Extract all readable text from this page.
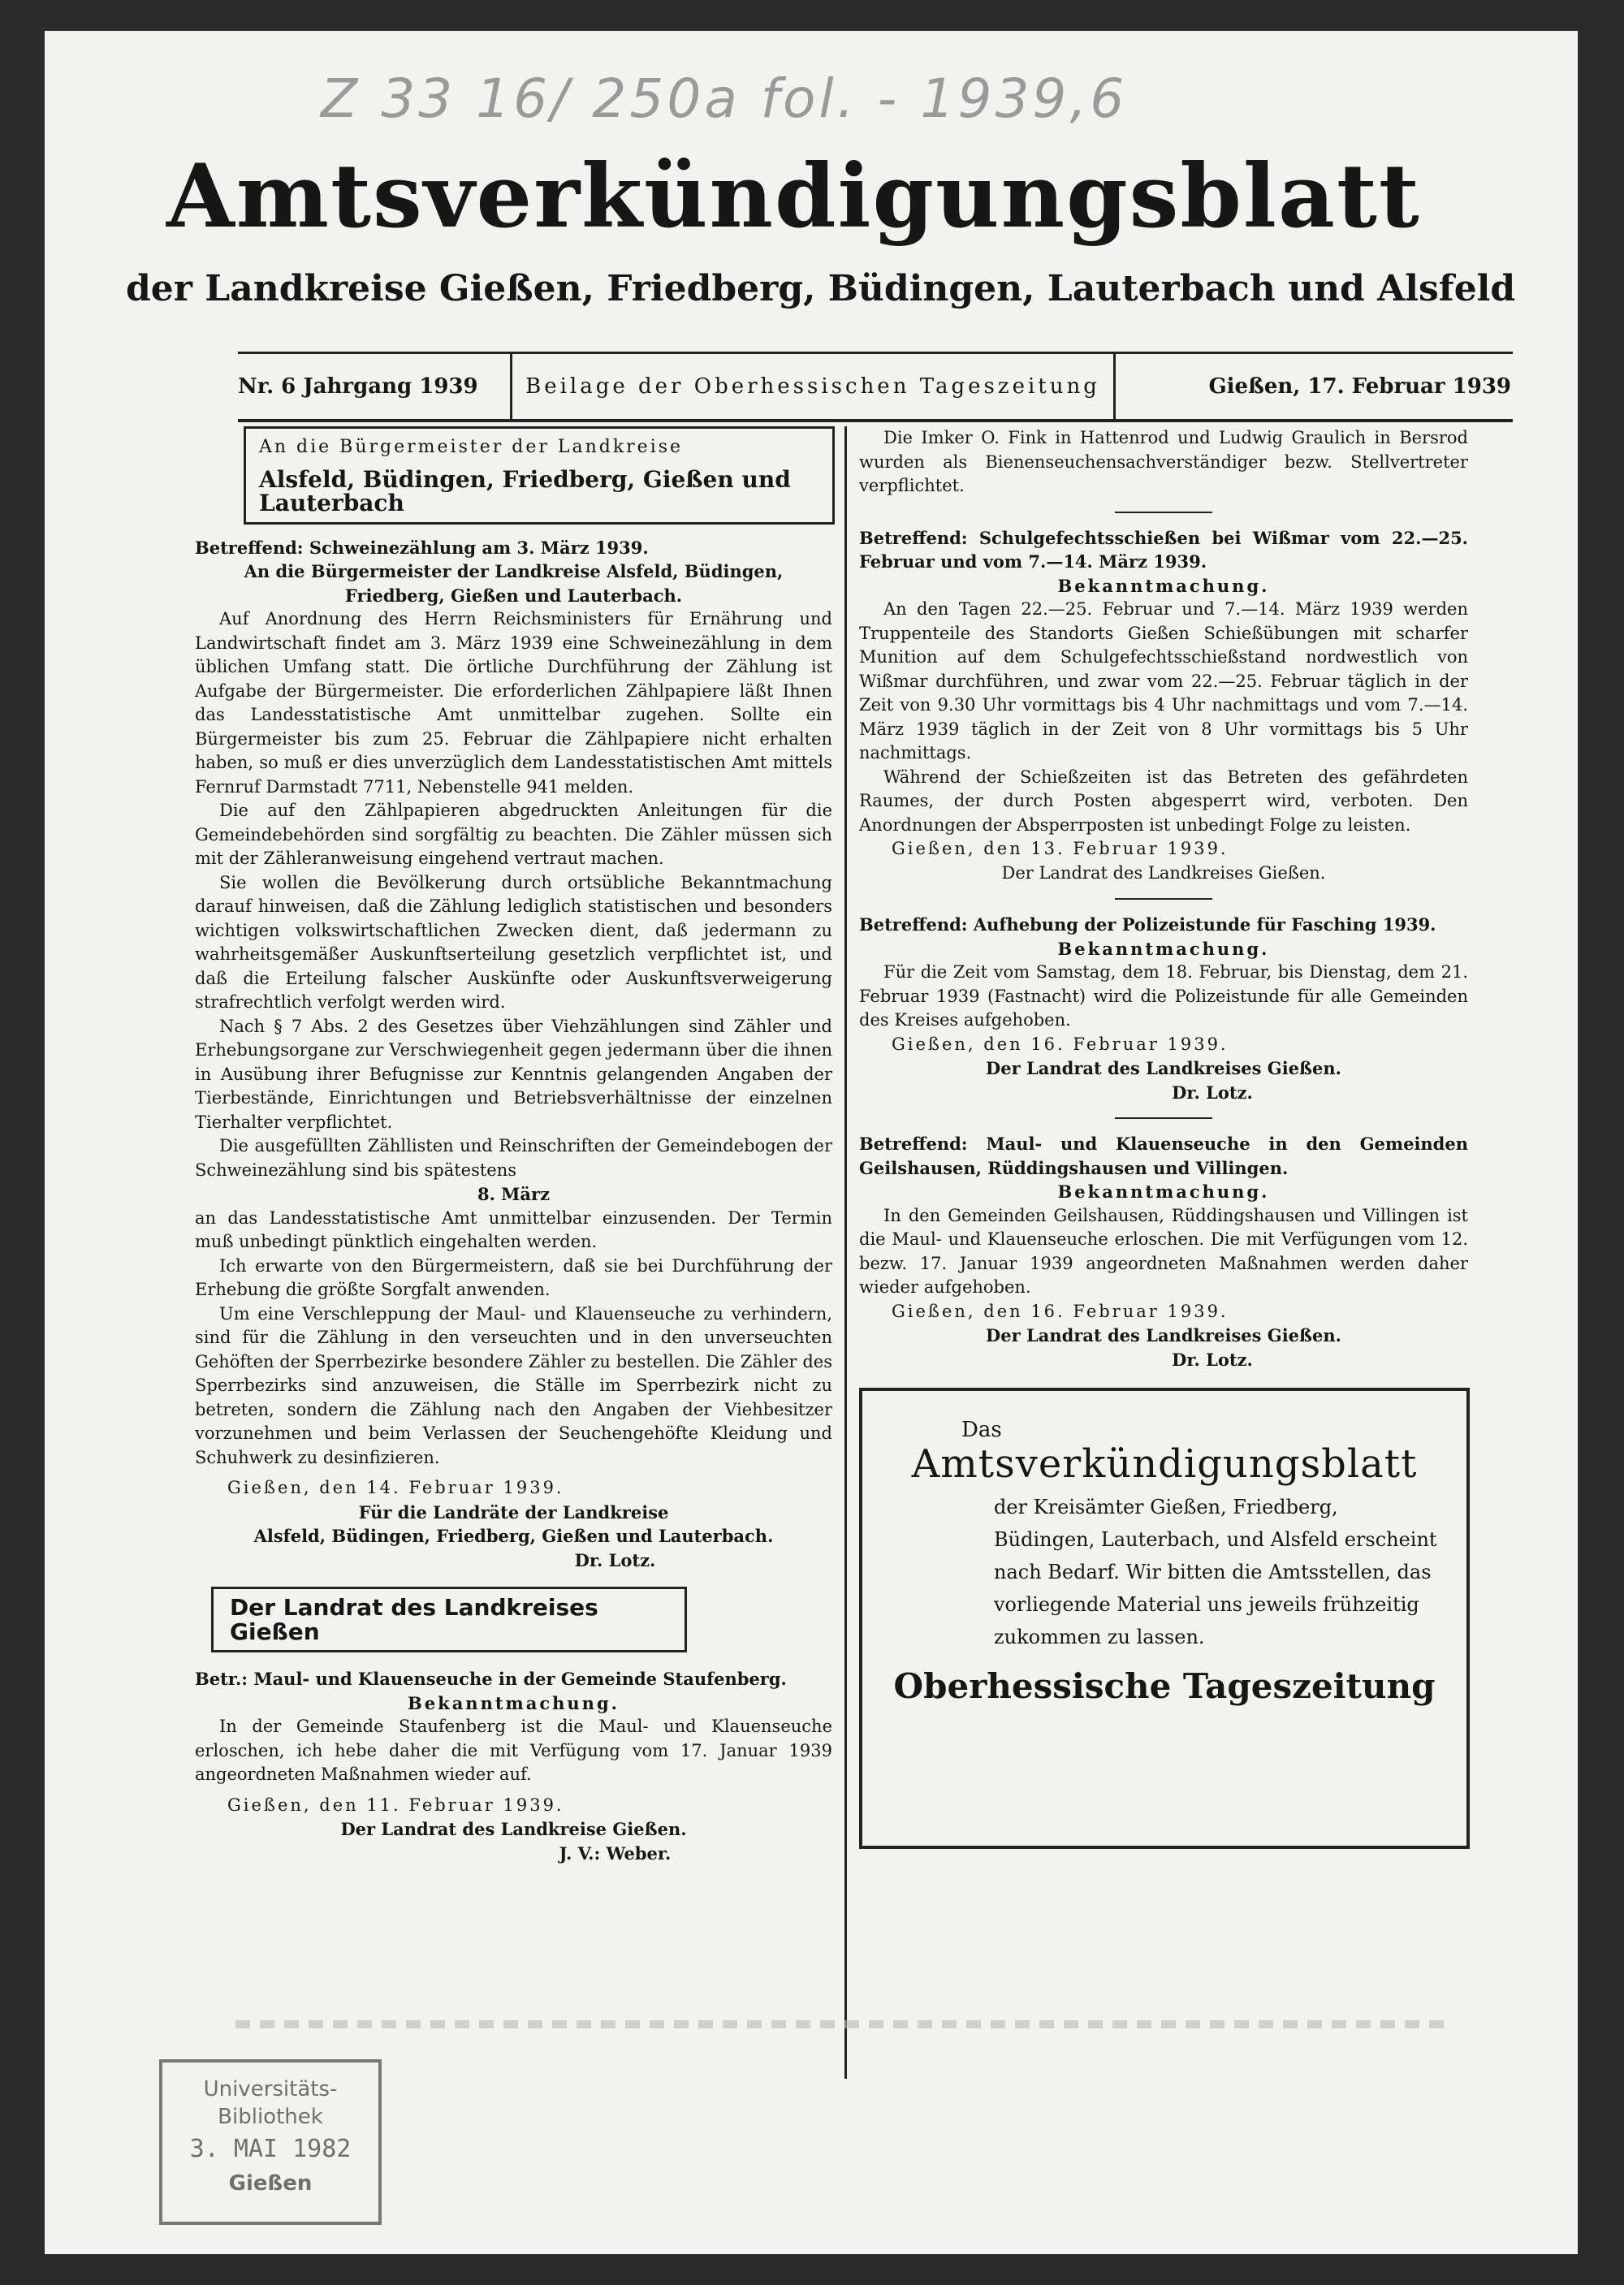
Z 33 16/ 250a fol. - 1939,6
Amtsverkündigungsblatt
der Landkreise Gießen, Friedberg, Büdingen, Lauterbach und Alsfeld
Nr. 6 Jahrgang 1939	Beilage der Oberhessischen Tageszeitung	Gießen, 17. Februar 1939
An die Bürgermeister der Landkreise
Alsfeld, Büdingen, Friedberg, Gießen und Lauterbach

Betreffend: Schweinezählung am 3. März 1939.

An die Bürgermeister der Landkreise Alsfeld, Büdingen, Friedberg, Gießen und Lauterbach.

Auf Anordnung des Herrn Reichsministers für Ernährung und Landwirtschaft findet am 3. März 1939 eine Schweinezählung in dem üblichen Umfang statt. Die örtliche Durchführung der Zählung ist Aufgabe der Bürgermeister. Die erforderlichen Zählpapiere läßt Ihnen das Landesstatistische Amt unmittelbar zugehen. Sollte ein Bürgermeister bis zum 25. Februar die Zählpapiere nicht erhalten haben, so muß er dies unverzüglich dem Landesstatistischen Amt mittels Fernruf Darmstadt 7711, Nebenstelle 941 melden.

Die auf den Zählpapieren abgedruckten Anleitungen für die Gemeindebehörden sind sorgfältig zu beachten. Die Zähler müssen sich mit der Zähleranweisung eingehend vertraut machen.

Sie wollen die Bevölkerung durch ortsübliche Bekanntmachung darauf hinweisen, daß die Zählung lediglich statistischen und besonders wichtigen volkswirtschaftlichen Zwecken dient, daß jedermann zu wahrheitsgemäßer Auskunftserteilung gesetzlich verpflichtet ist, und daß die Erteilung falscher Auskünfte oder Auskunftsverweigerung strafrechtlich verfolgt werden wird.

Nach § 7 Abs. 2 des Gesetzes über Viehzählungen sind Zähler und Erhebungsorgane zur Verschwiegenheit gegen jedermann über die ihnen in Ausübung ihrer Befugnisse zur Kenntnis gelangenden Angaben der Tierbestände, Einrichtungen und Betriebsverhältnisse der einzelnen Tierhalter verpflichtet.

Die ausgefüllten Zähllisten und Reinschriften der Gemeindebogen der Schweinezählung sind bis spätestens

8. März

an das Landesstatistische Amt unmittelbar einzusenden. Der Termin muß unbedingt pünktlich eingehalten werden.

Ich erwarte von den Bürgermeistern, daß sie bei Durchführung der Erhebung die größte Sorgfalt anwenden.

Um eine Verschleppung der Maul- und Klauenseuche zu verhindern, sind für die Zählung in den verseuchten und in den unverseuchten Gehöften der Sperrbezirke besondere Zähler zu bestellen. Die Zähler des Sperrbezirks sind anzuweisen, die Ställe im Sperrbezirk nicht zu betreten, sondern die Zählung nach den Angaben der Viehbesitzer vorzunehmen und beim Verlassen der Seuchengehöfte Kleidung und Schuhwerk zu desinfizieren.

Gießen, den 14. Februar 1939.

Für die Landräte der Landkreise

Alsfeld, Büdingen, Friedberg, Gießen und Lauterbach.

Dr. Lotz.

Der Landrat des Landkreises Gießen

Betr.: Maul- und Klauenseuche in der Gemeinde Staufenberg.

Bekanntmachung.

In der Gemeinde Staufenberg ist die Maul- und Klauenseuche erloschen, ich hebe daher die mit Verfügung vom 17. Januar 1939 angeordneten Maßnahmen wieder auf.

Gießen, den 11. Februar 1939.

Der Landrat des Landkreise Gießen.

J. V.: Weber.

Die Imker O. Fink in Hattenrod und Ludwig Graulich in Bersrod wurden als Bienenseuchensachverständiger bezw. Stellvertreter verpflichtet.

Betreffend: Schulgefechtsschießen bei Wißmar vom 22.—25. Februar und vom 7.—14. März 1939.

Bekanntmachung.

An den Tagen 22.—25. Februar und 7.—14. März 1939 werden Truppenteile des Standorts Gießen Schießübungen mit scharfer Munition auf dem Schulgefechtsschießstand nordwestlich von Wißmar durchführen, und zwar vom 22.—25. Februar täglich in der Zeit von 9.30 Uhr vormittags bis 4 Uhr nachmittags und vom 7.—14. März 1939 täglich in der Zeit von 8 Uhr vormittags bis 5 Uhr nachmittags.

Während der Schießzeiten ist das Betreten des gefährdeten Raumes, der durch Posten abgesperrt wird, verboten. Den Anordnungen der Absperrposten ist unbedingt Folge zu leisten.

Gießen, den 13. Februar 1939.

Der Landrat des Landkreises Gießen.

Betreffend: Aufhebung der Polizeistunde für Fasching 1939.

Bekanntmachung.

Für die Zeit vom Samstag, dem 18. Februar, bis Dienstag, dem 21. Februar 1939 (Fastnacht) wird die Polizeistunde für alle Gemeinden des Kreises aufgehoben.

Gießen, den 16. Februar 1939.

Der Landrat des Landkreises Gießen.

Dr. Lotz.

Betreffend: Maul- und Klauenseuche in den Gemeinden Geilshausen, Rüddingshausen und Villingen.

Bekanntmachung.

In den Gemeinden Geilshausen, Rüddingshausen und Villingen ist die Maul- und Klauenseuche erloschen. Die mit Verfügungen vom 12. bezw. 17. Januar 1939 angeordneten Maßnahmen werden daher wieder aufgehoben.

Gießen, den 16. Februar 1939.

Der Landrat des Landkreises Gießen.

Dr. Lotz.

Das
Amtsverkündigungsblatt
der Kreisämter Gießen, Friedberg, Büdingen, Lauterbach, und Alsfeld erscheint nach Bedarf. Wir bitten die Amtsstellen, das vorliegende Material uns jeweils frühzeitig zukommen zu lassen.
Oberhessische Tageszeitung
Universitäts-
Bibliothek
3. MAI 1982
Gießen
